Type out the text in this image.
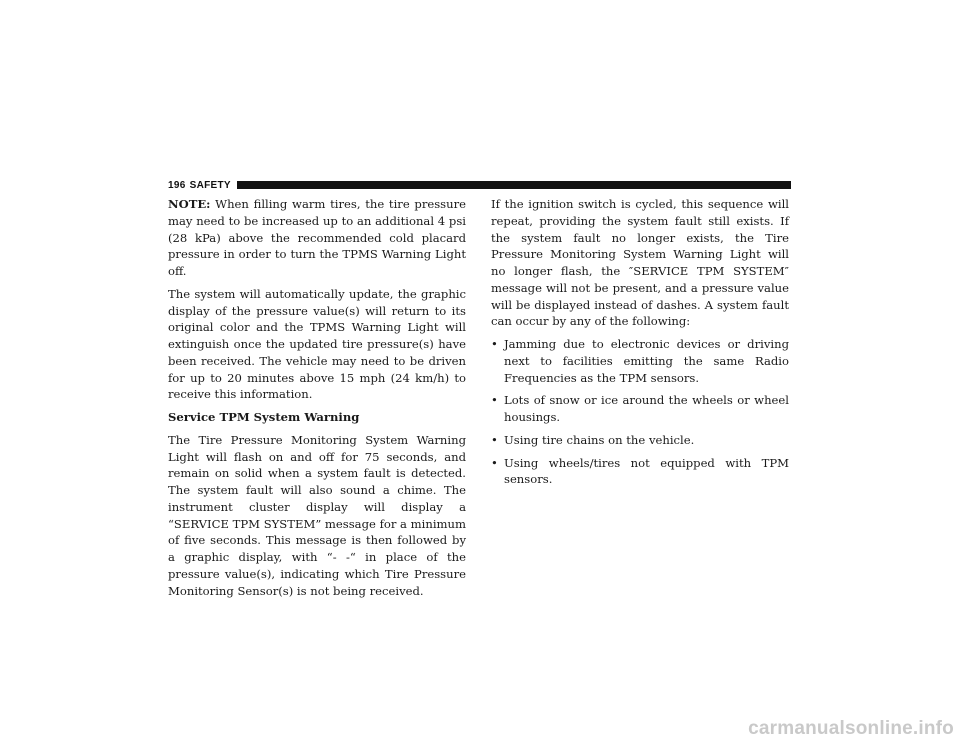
196 SAFETY

NOTE: When filling warm tires, the tire pressure may need to be increased up to an additional 4 psi (28 kPa) above the recommended cold placard pressure in order to turn the TPMS Warning Light off.

The system will automatically update, the graphic display of the pressure value(s) will return to its original color and the TPMS Warning Light will extinguish once the updated tire pressure(s) have been received. The vehicle may need to be driven for up to 20 minutes above 15 mph (24 km/h) to receive this information.

Service TPM System Warning

The Tire Pressure Monitoring System Warning Light will flash on and off for 75 seconds, and remain on solid when a system fault is detected. The system fault will also sound a chime. The instrument cluster display will display a “SERVICE TPM SYSTEM” message for a minimum of five seconds. This message is then followed by a graphic display, with “- -“ in place of the pressure value(s), indicating which Tire Pressure Monitoring Sensor(s) is not being received.

If the ignition switch is cycled, this sequence will repeat, providing the system fault still exists. If the system fault no longer exists, the Tire Pressure Monitoring System Warning Light will no longer flash, the ″SERVICE TPM SYSTEM″ message will not be present, and a pressure value will be displayed instead of dashes. A system fault can occur by any of the following:

• Jamming due to electronic devices or driving next to facilities emitting the same Radio Frequencies as the TPM sensors.
• Lots of snow or ice around the wheels or wheel housings.
• Using tire chains on the vehicle.
• Using wheels/tires not equipped with TPM sensors.
carmanualsonline.info
